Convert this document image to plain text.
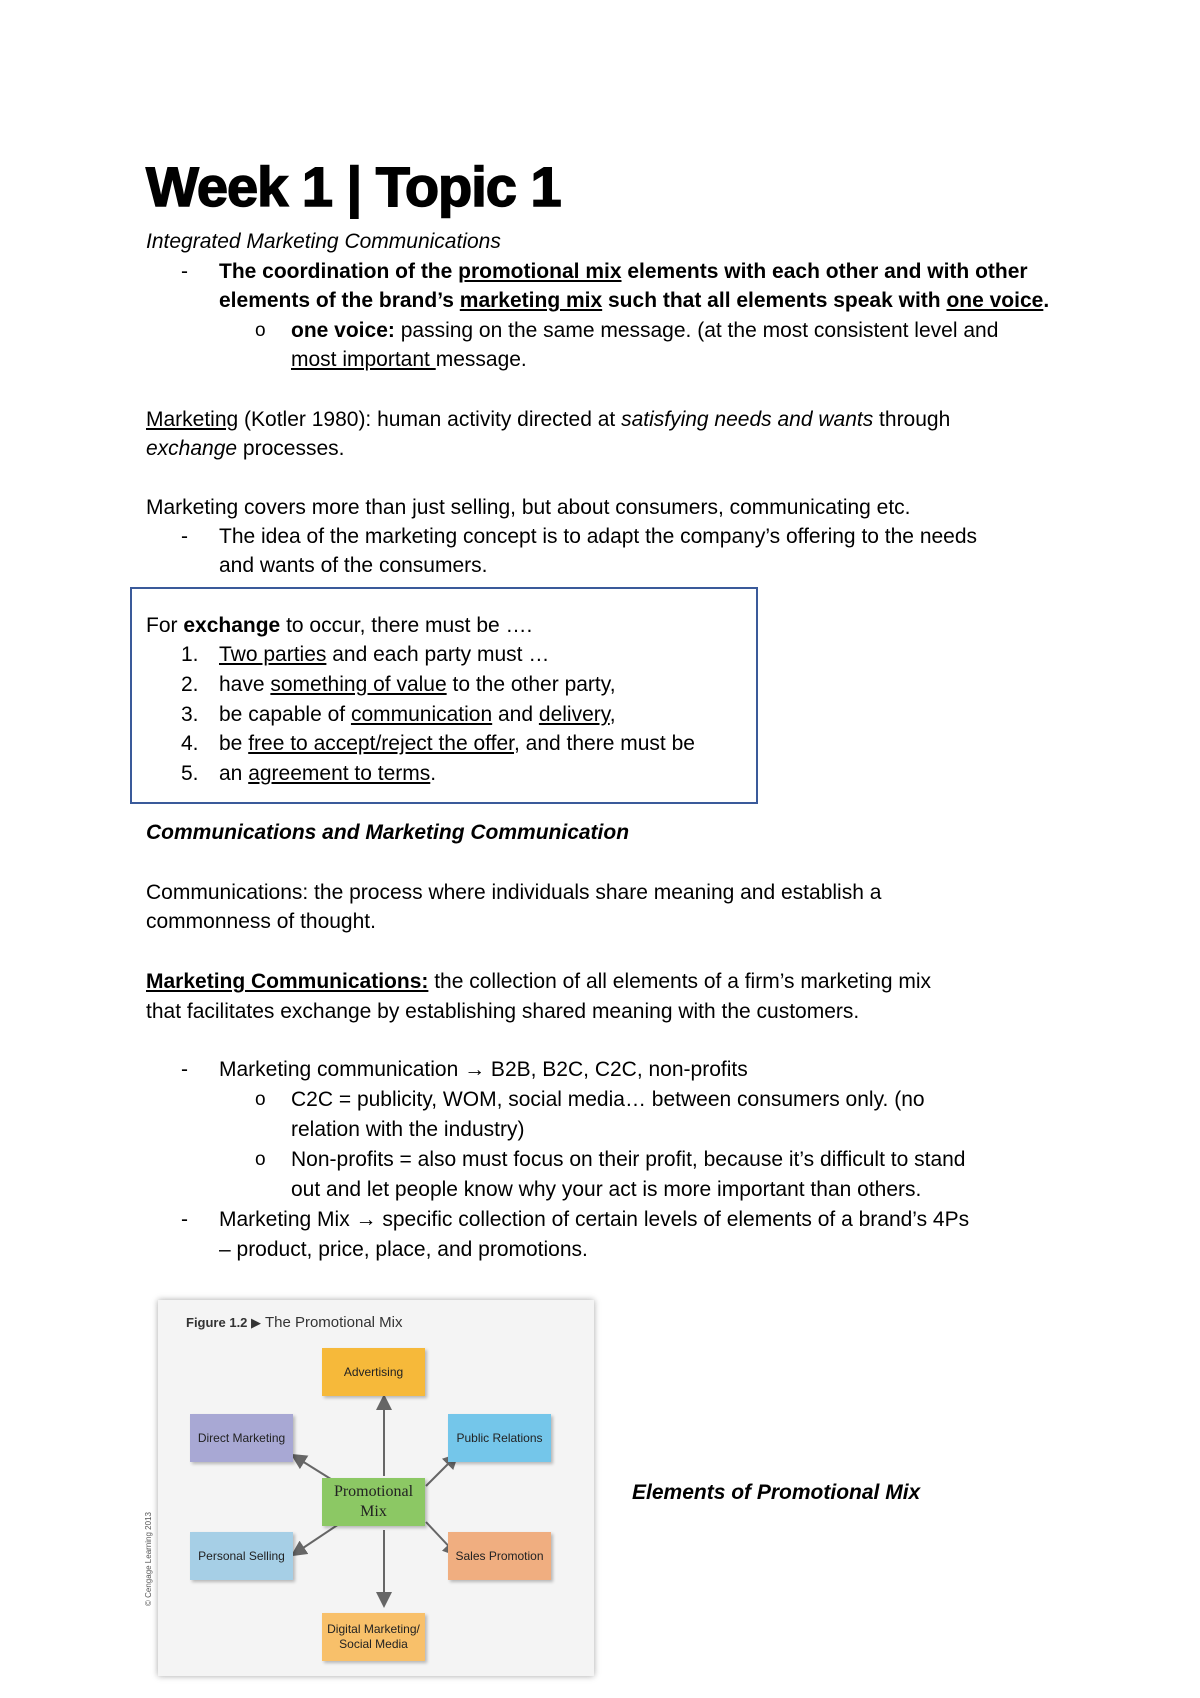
Week 1 | Topic 1
Integrated Marketing Communications
- The coordination of the promotional mix elements with each other and with other
elements of the brand’s marketing mix such that all elements speak with one voice.
o one voice: passing on the same message. (at the most consistent level and
most important message.
Marketing (Kotler 1980): human activity directed at satisfying needs and wants through
exchange processes.
Marketing covers more than just selling, but about consumers, communicating etc.
- The idea of the marketing concept is to adapt the company’s offering to the needs
and wants of the consumers.
For exchange to occur, there must be ….
1. Two parties and each party must …
2. have something of value to the other party,
3. be capable of communication and delivery,
4. be free to accept/reject the offer, and there must be
5. an agreement to terms.
Communications and Marketing Communication
Communications: the process where individuals share meaning and establish a
commonness of thought.
Marketing Communications: the collection of all elements of a firm’s marketing mix
that facilitates exchange by establishing shared meaning with the customers.
- Marketing communication → B2B, B2C, C2C, non-profits
o C2C = publicity, WOM, social media… between consumers only. (no
relation with the industry)
o Non-profits = also must focus on their profit, because it’s difficult to stand
out and let people know why your act is more important than others.
- Marketing Mix → specific collection of certain levels of elements of a brand’s 4Ps
– product, price, place, and promotions.
Figure 1.2 ▶ The Promotional Mix
Advertising
Direct Marketing	Public Relations
Promotional Mix
Personal Selling	Sales Promotion
Digital Marketing/ Social Media
© Cengage Learning 2013
Elements of Promotional Mix
